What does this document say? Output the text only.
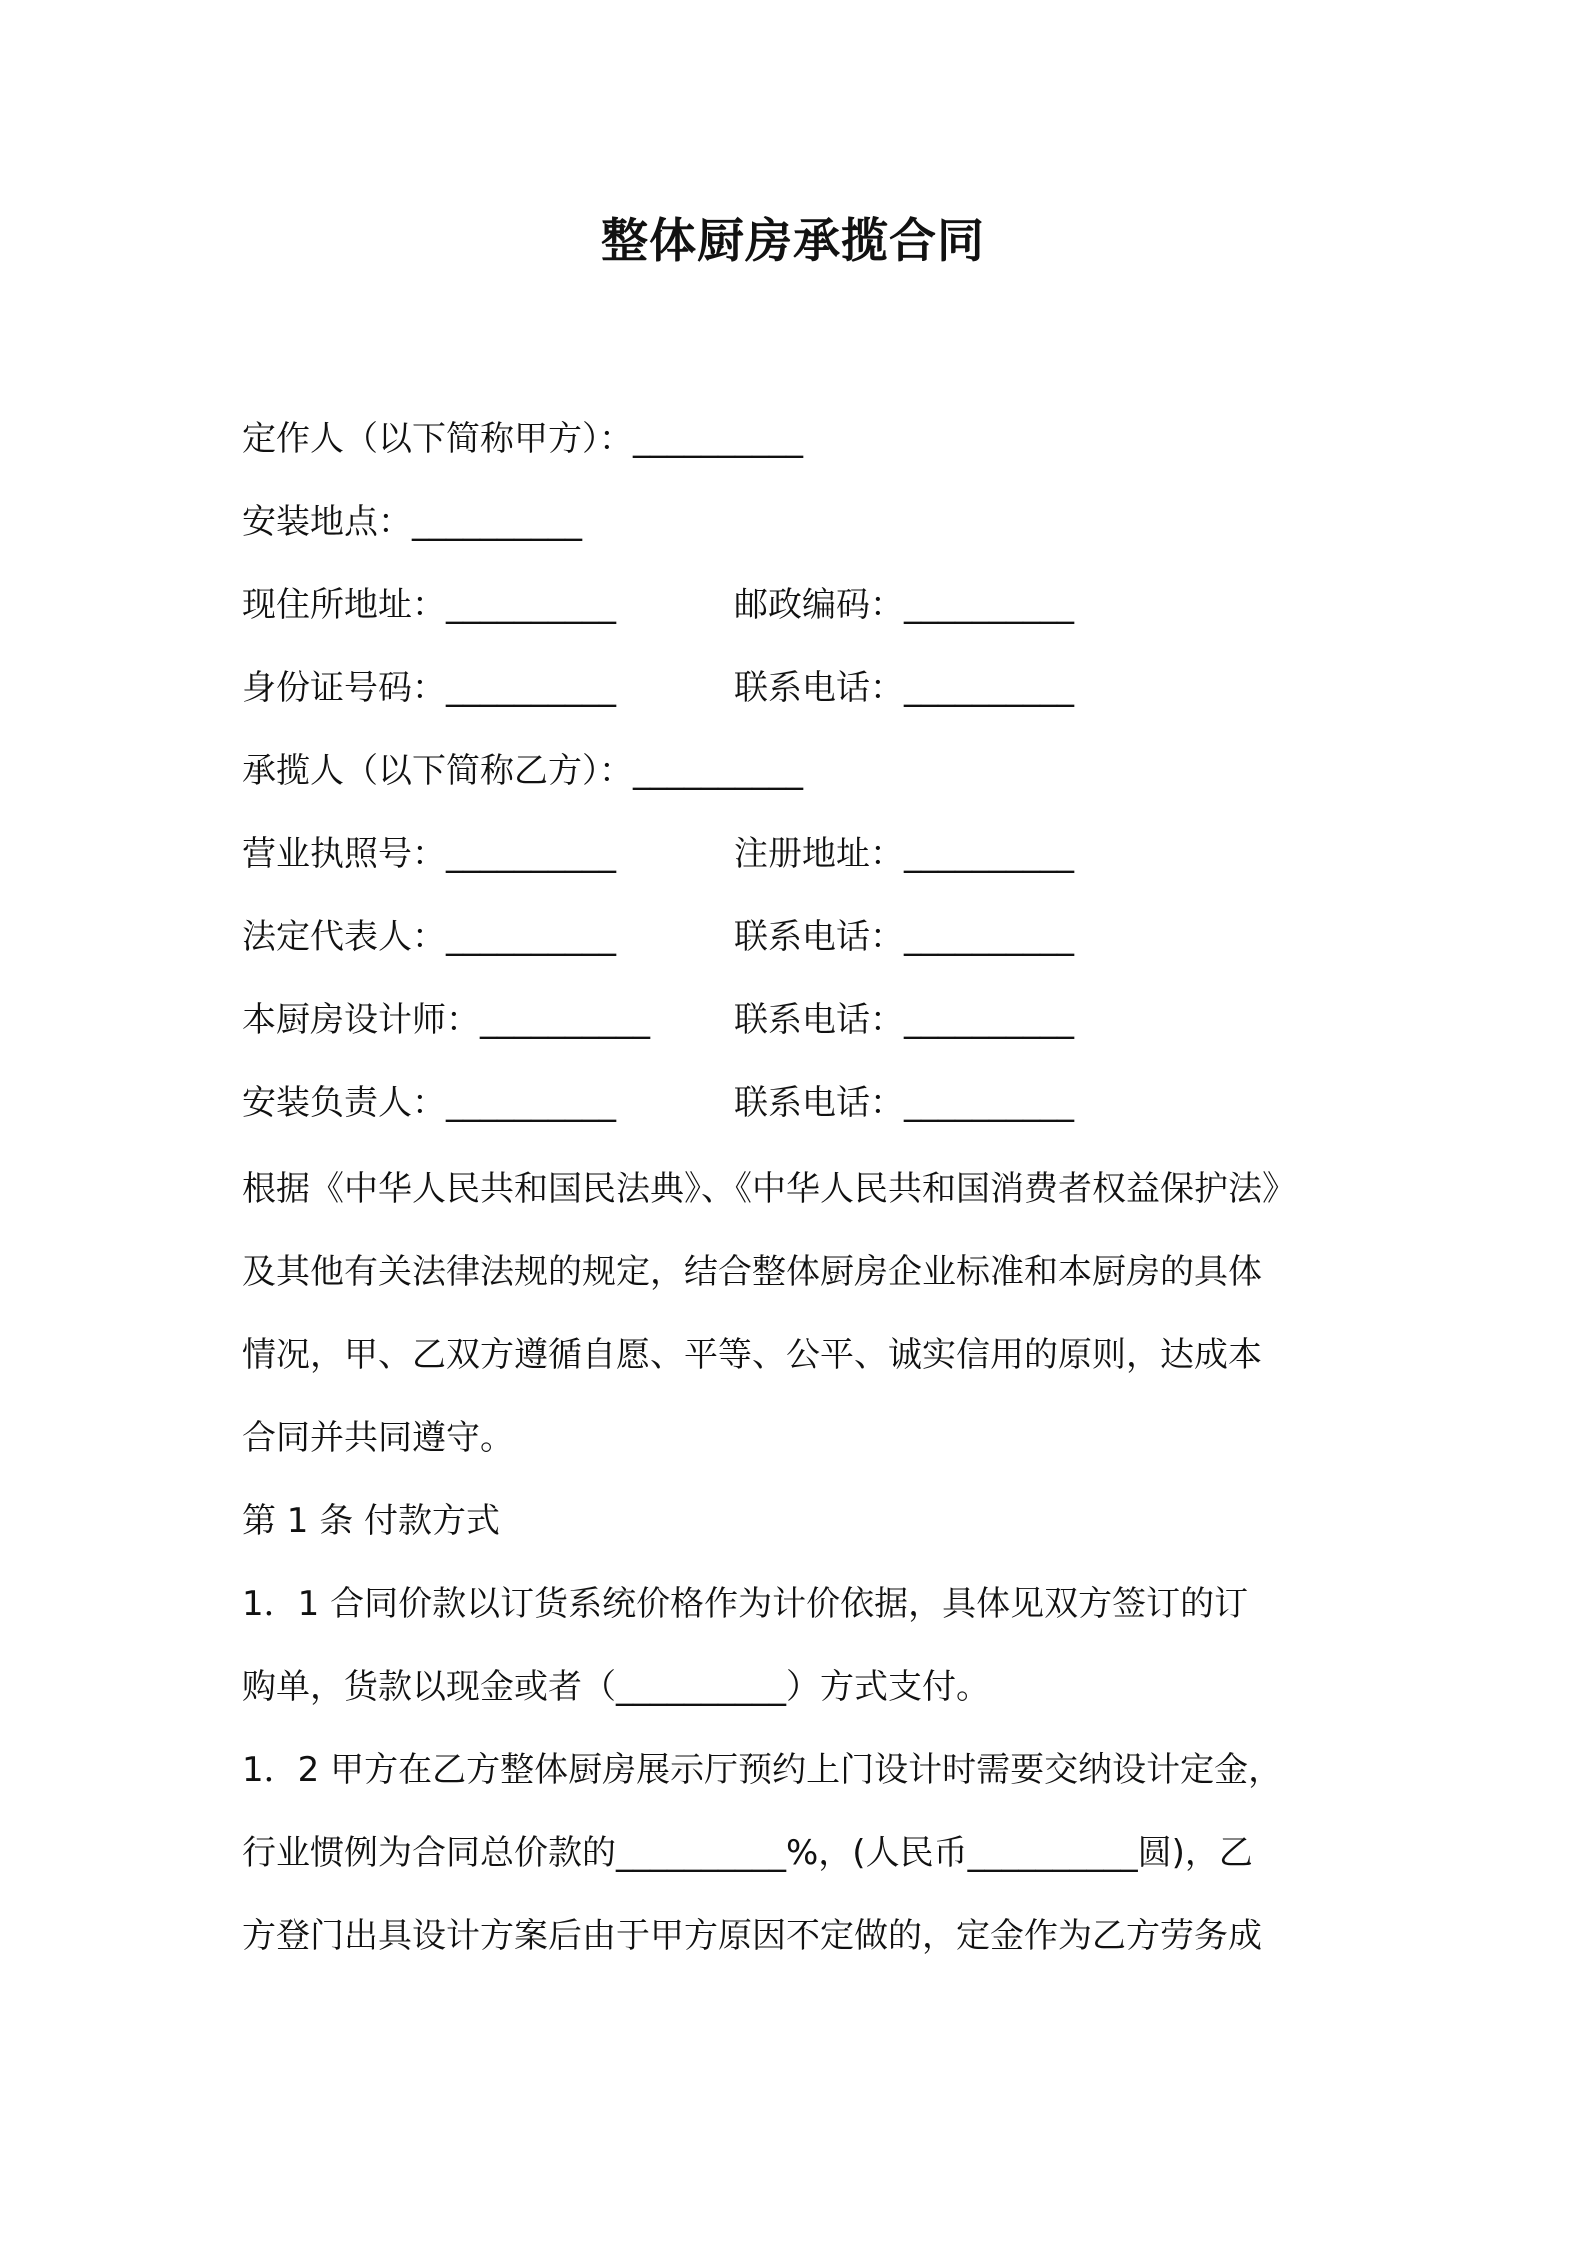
整体厨房承揽合同
定作人（以下简称甲方）：__________
安装地点：__________
现住所地址：__________	邮政编码：__________
身份证号码：__________	联系电话：__________
承揽人（以下简称乙方）：__________
营业执照号：__________	注册地址：__________
法定代表人：__________	联系电话：__________
本厨房设计师：__________ 联系电话：__________
安装负责人：__________	联系电话：__________
根据《中华人民共和国民法典》、《中华人民共和国消费者权益保护法》
及其他有关法律法规的规定，结合整体厨房企业标准和本厨房的具体
情况，甲、乙双方遵循自愿、平等、公平、诚实信用的原则，达成本
合同并共同遵守。
第 1 条 付款方式
1．1 合同价款以订货系统价格作为计价依据，具体见双方签订的订
购单，货款以现金或者（__________）方式支付。
1．2 甲方在乙方整体厨房展示厅预约上门设计时需要交纳设计定金，
行业惯例为合同总价款的__________%，(人民币__________圆)，乙
方登门出具设计方案后由于甲方原因不定做的，定金作为乙方劳务成
